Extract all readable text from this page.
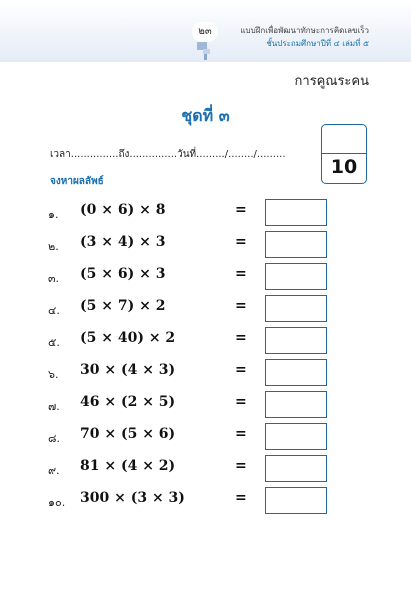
๒๓	แบบฝึกเพื่อพัฒนาทักษะการคิดเลขเร็ว
ชั้นประถมศึกษาปีที่ ๔ เล่มที่ ๕
การคูณระคน
ชุดที่ ๓
เวลา...............ถึง...............วันที่........./......../.........
จงหาผลลัพธ์
10
๑. (0 × 6) × 8	=
๒. (3 × 4) × 3	=
๓. (5 × 6) × 3	=
๔. (5 × 7) × 2	=
๕. (5 × 40) × 2	=
๖. 30 × (4 × 3)	=
๗. 46 × (2 × 5)	=
๘. 70 × (5 × 6)	=
๙. 81 × (4 × 2)	=
๑๐. 300 × (3 × 3)	=
